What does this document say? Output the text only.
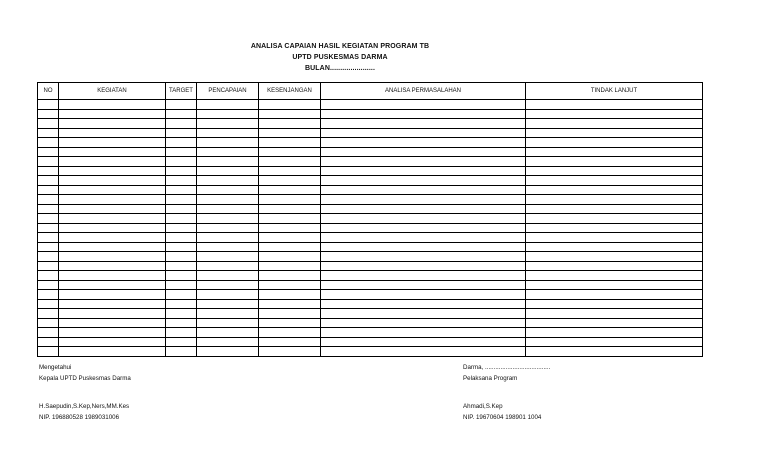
ANALISA CAPAIAN HASIL KEGIATAN PROGRAM TB
UPTD PUSKESMAS DARMA
BULAN......................
NO	KEGIATAN	TARGET	PENCAPAIAN	KESENJANGAN	ANALISA PERMASALAHAN	TINDAK LANJUT

Mengetahui
Kepala UPTD Puskesmas Darma
H.Saepudin,S.Kep,Ners,MM.Kes
NIP. 196880528 1989031006
Darma, ......................................
Pelaksana Program
Ahmadi,S.Kep
NIP. 19670604 198901 1004
